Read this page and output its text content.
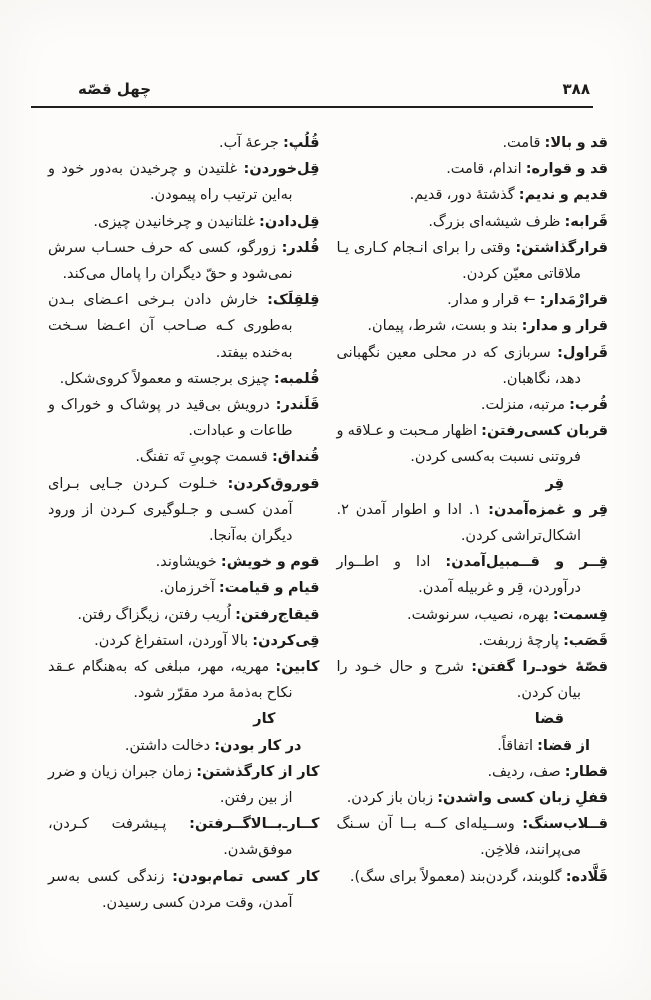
۳۸۸
چهل قصّه

قد و بالا: قامت.

قد و قواره: اندام، قامت.

قدیم و ندیم: گذشتهٔ دور، قدیم.

قَرابه: ظرف شیشه‌ای بزرگ.

قرارگذاشتن: وقتی را برای انـجام کـاری یـا ملاقاتی معیّن کردن.

قرارْمَدار: ← قرار و مدار.

قرار و مدار: بند و بست، شرط، پیمان.

قَراول: سربازی که در محلی معین نگهبانی دهد، نگاهبان.

قُرب: مرتبه، منزلت.

قربان کسی‌رفتن: اظهار مـحبت و عـلاقه و فروتنی نسبت به‌کسی کردن.

قِر

قِر و غمزه‌آمدن: ۱. ادا و اطوار آمدن ۲. اشکال‌تراشی کردن.

قِــر و قــمبیل‌آمدن: ادا و اطــوار درآوردن، قِر و غربیله آمدن.

قِسمت: بهره، نصیب، سرنوشت.

قَصَب: پارچهٔ زربفت.

قصّهٔ خودـ‌را گفتن: شرح و حال خـود را بیان کردن.

قضا

از قضا: اتفاقاً.

قطار: صف، ردیف.

قفلِ زبان کسی واشدن: زبان باز کردن.

قــلاب‌سنگ: وســیله‌ای کــه بــا آن سـنگ می‌پرانند، فلاخِن.

قَلَّاده: گلوبند، گردن‌بند (معمولاً برای سگ).

قُلُپ: جرعهٔ آب.

قِل‌خوردن: غلتیدن و چرخیدن به‌دور خود و به‌این ترتیب راه پیمودن.

قِل‌دادن: غلتانیدن و چرخانیدن چیزی.

قُلدر: زورگو، کسی که حرف حسـاب سرش نمی‌شود و حقّ دیگران را پامال می‌کند.

قِلقِلَک: خارش دادن بـرخی اعـضای بـدن به‌طوری کـه صـاحب آن اعـضا سـخت به‌خنده بیفتد.

قُلمبه: چیزی برجسته و معمولاً کروی‌شکل.

قَلَندر: درویش بی‌قید در پوشاک و خوراک و طاعات و عبادات.

قُنداق: قسمت چوبیِ تَه تفنگ.

قوروق‌کردن: خـلوت کـردن جـایی بـرای آمدن کسـی و جـلوگیری کـردن از ورود دیگران به‌آنجا.

قوم و خویش: خویشاوند.

قیام و قیامت: آخرزمان.

قیقاج‌رفتن: اُریب رفتن، زیگزاگ رفتن.

قِی‌کردن: بالا آوردن، استفراغ کردن.

کابین: مهریه، مهر، مبلغی که به‌هنگام عـقد نکاح به‌ذمهٔ مرد مقرّر شود.

کار

در کار بودن: دخالت داشتن.

کار از کارگذشتن: زمان جبران زیان و ضرر از بین رفتن.

کــارـ‌بــالاگــرفتن: پـیشرفت کـردن، موفق‌شدن.

کار کسی تمام‌بودن: زندگی کسی به‌سر آمدن، وقت مردن کسی رسیدن.
